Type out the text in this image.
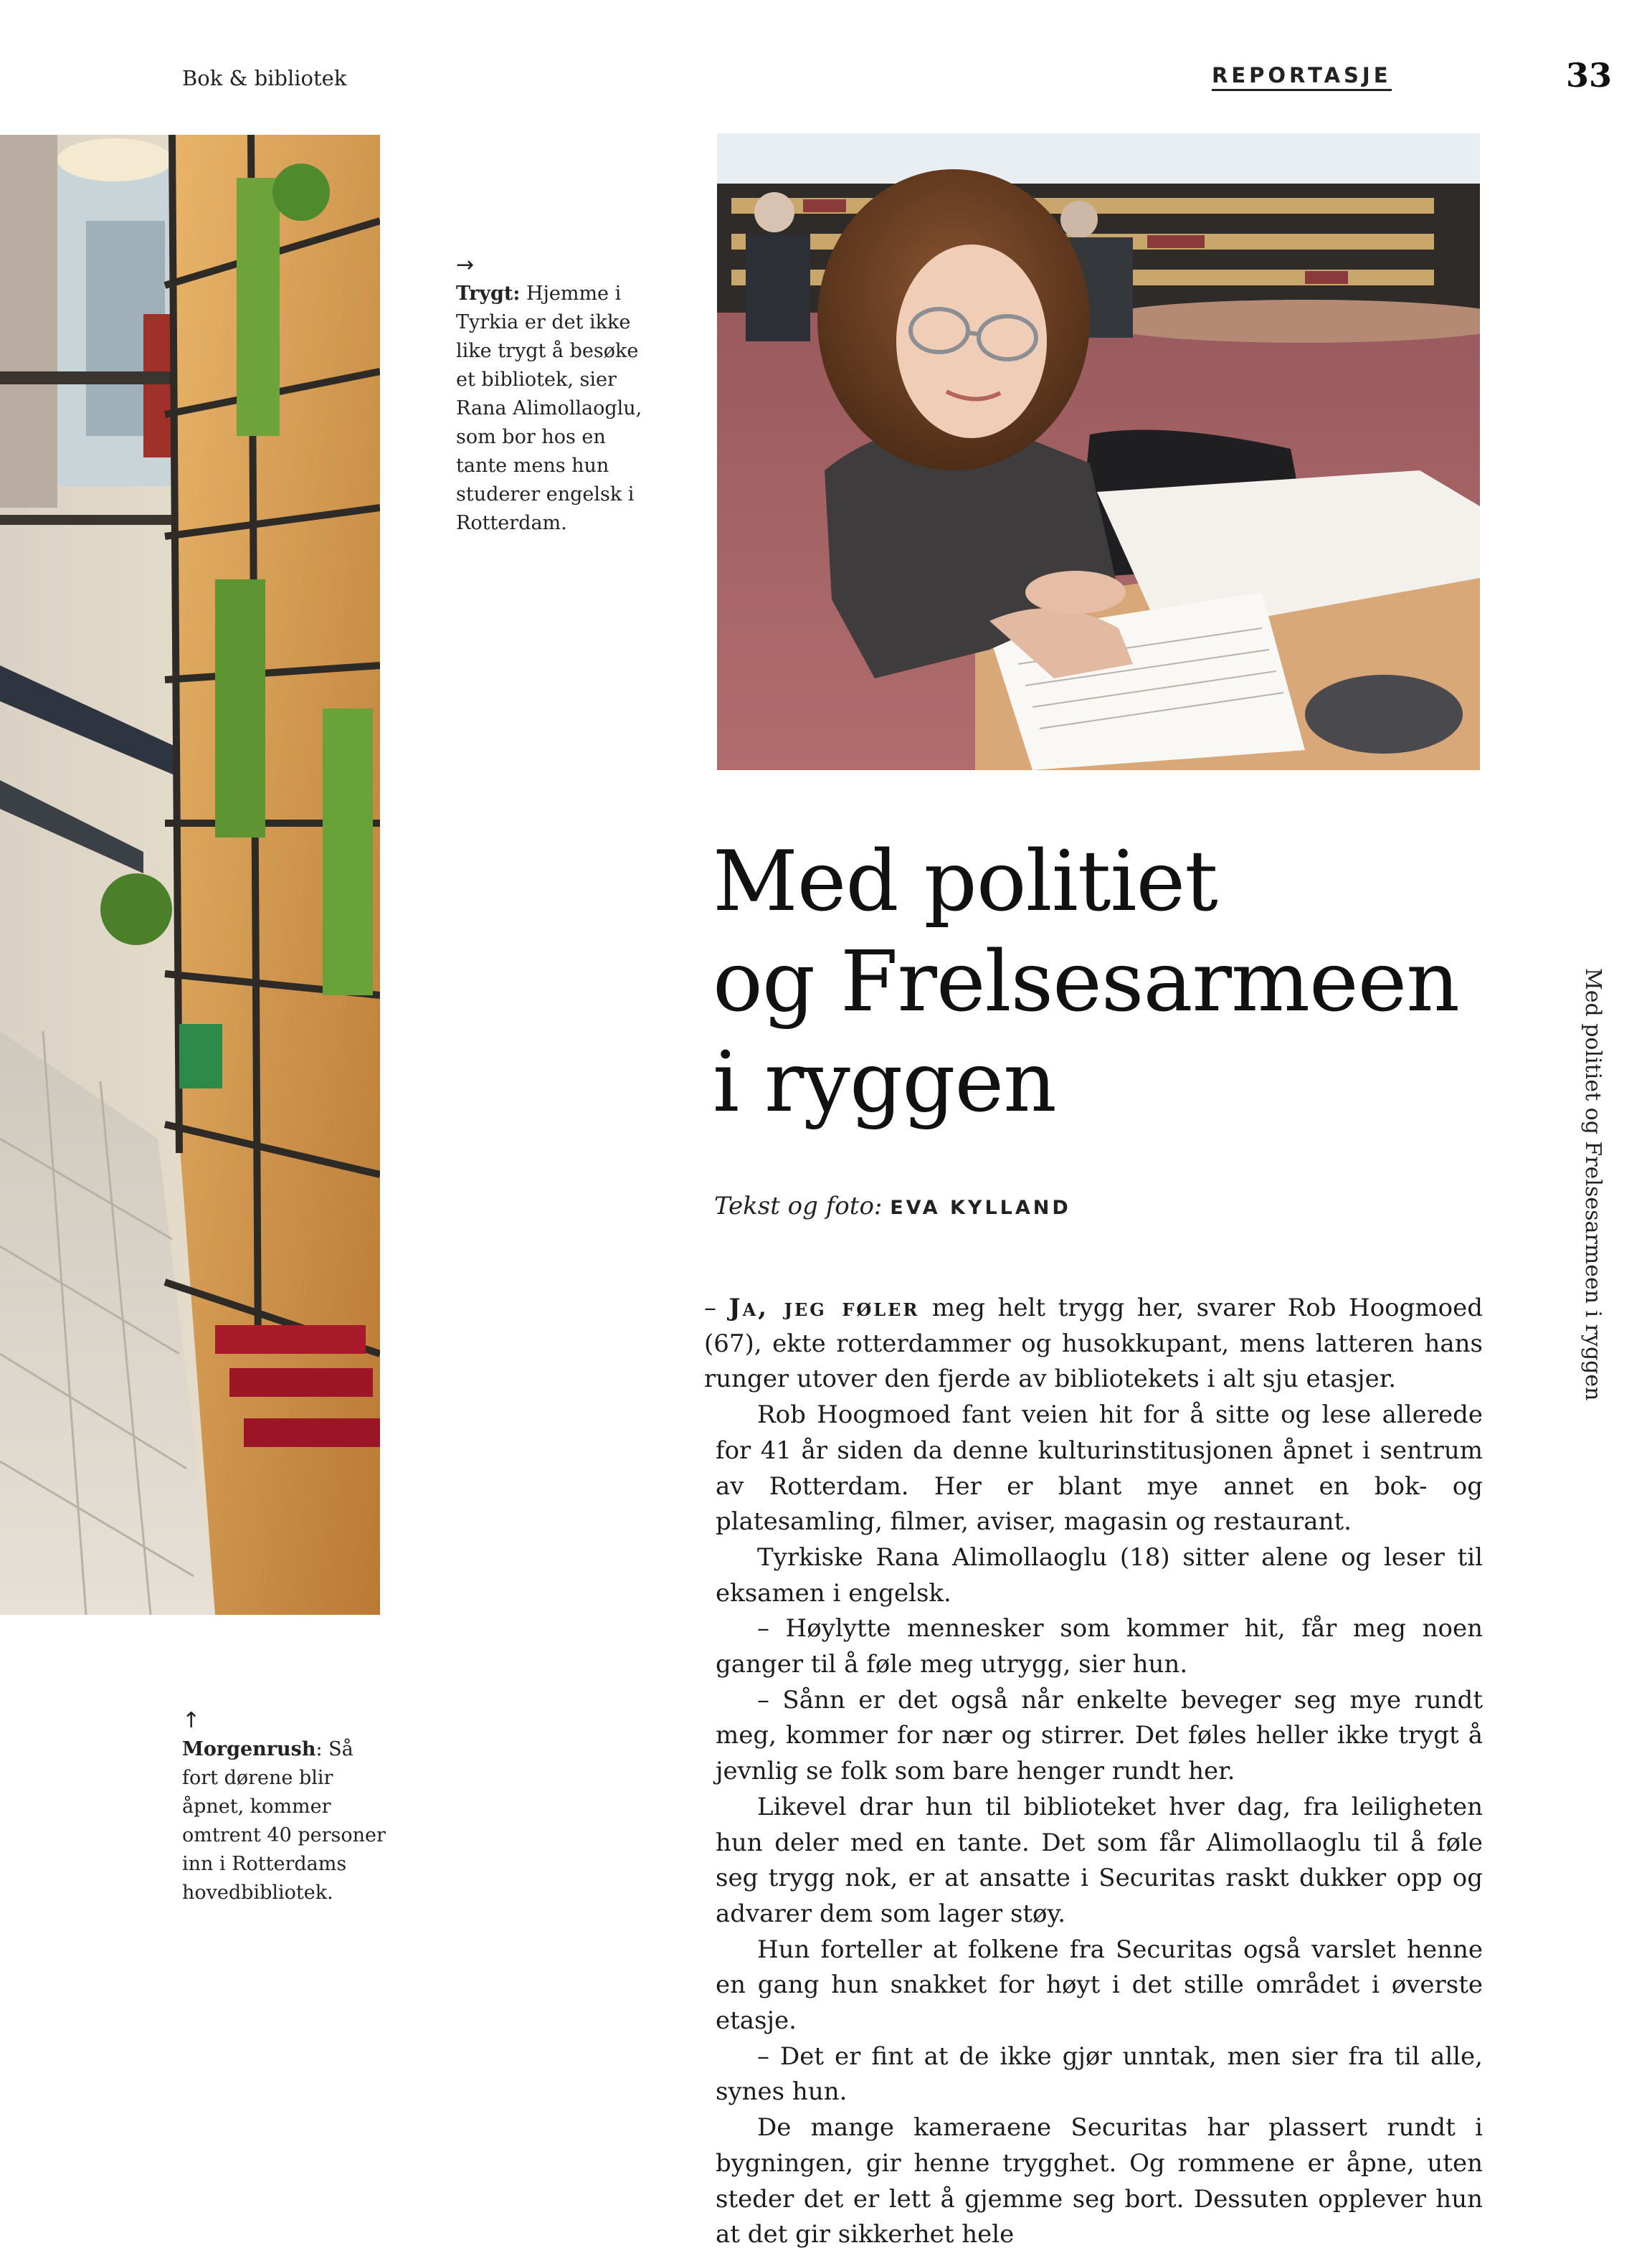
Bok & bibliotek	REPORTASJE	33
→
Trygt: Hjemme i Tyrkia er det ikke like trygt å besøke et bibliotek, sier Rana Alimollaoglu, som bor hos en tante mens hun studerer engelsk i Rotterdam.
↑
Morgenrush: Så fort dørene blir åpnet, kommer omtrent 40 personer inn i Rotterdams hovedbibliotek.
Med politiet
og Frelsesarmeen
i ryggen
Tekst og foto: EVA KYLLAND	Med politiet og Frelsesarmeen i ryggen

– Ja, jeg føler meg helt trygg her, svarer Rob Hoogmoed (67), ekte rotterdammer og husokkupant, mens latteren hans runger utover den fjerde av bibliotekets i alt sju etasjer.

Rob Hoogmoed fant veien hit for å sitte og lese allerede for 41 år siden da denne kulturinstitusjonen åpnet i sentrum av Rotterdam. Her er blant mye annet en bok- og platesamling, filmer, aviser, magasin og restaurant.

Tyrkiske Rana Alimollaoglu (18) sitter alene og leser til eksamen i engelsk.

– Høylytte mennesker som kommer hit, får meg noen ganger til å føle meg utrygg, sier hun.

– Sånn er det også når enkelte beveger seg mye rundt meg, kommer for nær og stirrer. Det føles heller ikke trygt å jevnlig se folk som bare henger rundt her.

Likevel drar hun til biblioteket hver dag, fra leiligheten hun deler med en tante. Det som får Alimollaoglu til å føle seg trygg nok, er at ansatte i Securitas raskt dukker opp og advarer dem som lager støy.

Hun forteller at folkene fra Securitas også varslet henne en gang hun snakket for høyt i det stille området i øverste etasje.

– Det er fint at de ikke gjør unntak, men sier fra til alle, synes hun.

De mange kameraene Securitas har plassert rundt i bygningen, gir henne trygghet. Og rommene er åpne, uten steder det er lett å gjemme seg bort. Dessuten opplever hun at det gir sikkerhet hele
